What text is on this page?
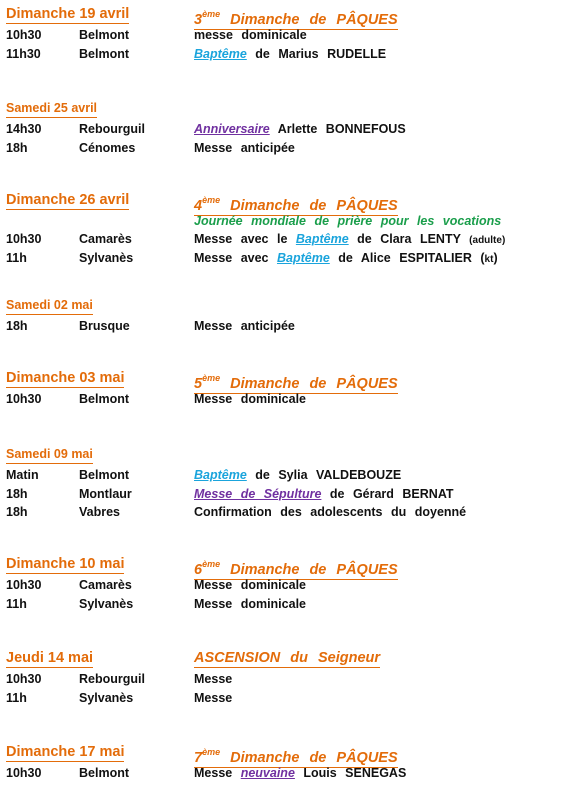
Dimanche 19 avril	3ème Dimanche de PÂQUES
10h30	Belmont	messe dominicale
11h30	Belmont	Baptême de Marius RUDELLE
Samedi 25 avril
14h30	Rebourguil	Anniversaire Arlette BONNEFOUS
18h	Cénomes	Messe anticipée
Dimanche 26 avril	4ème Dimanche de PÂQUES
Journée mondiale de prière pour les vocations
10h30	Camarès	Messe avec le Baptême de Clara LENTY (adulte)
11h	Sylvanès	Messe avec Baptême de Alice ESPITALIER (kt)
Samedi 02 mai
18h	Brusque	Messe anticipée
Dimanche 03 mai	5ème Dimanche de PÂQUES
10h30	Belmont	Messe dominicale
Samedi 09 mai
Matin	Belmont	Baptême de Sylia VALDEBOUZE
18h	Montlaur	Messe de Sépulture de Gérard BERNAT
18h	Vabres	Confirmation des adolescents du doyenné
Dimanche 10 mai	6ème Dimanche de PÂQUES
10h30	Camarès	Messe dominicale
11h	Sylvanès	Messe dominicale
Jeudi 14 mai	ASCENSION du Seigneur
10h30	Rebourguil	Messe
11h	Sylvanès	Messe
Dimanche 17 mai	7ème Dimanche de PÂQUES
10h30	Belmont	Messe neuvaine Louis SENEGAS
